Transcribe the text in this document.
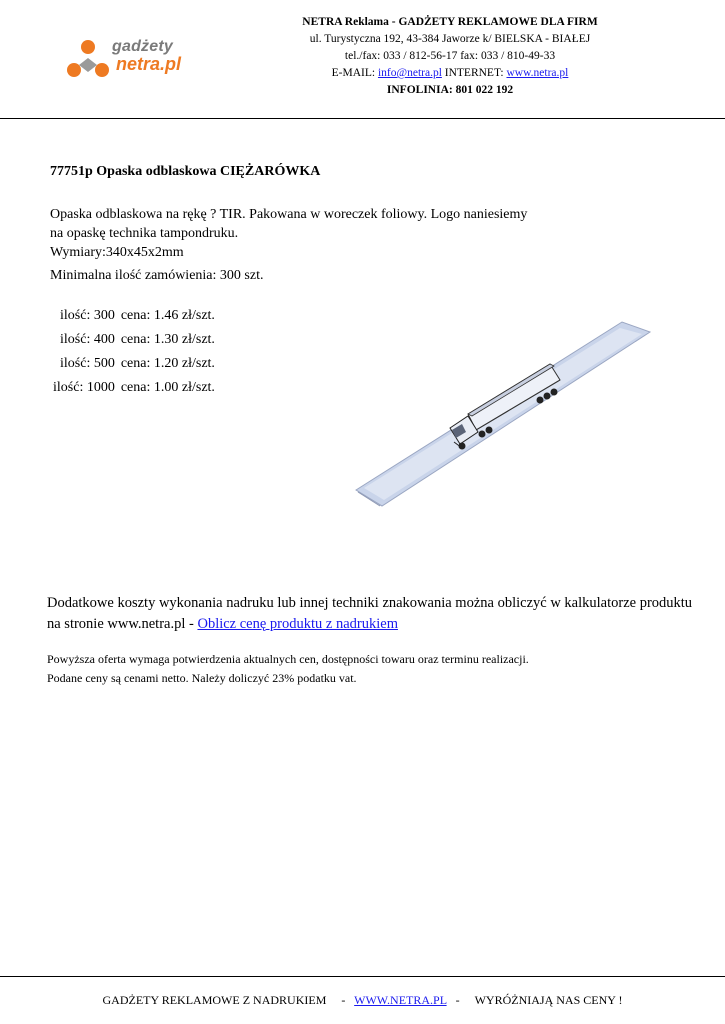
gadżety
netra.pl
NETRA Reklama - GADŻETY REKLAMOWE DLA FIRM
ul. Turystyczna 192, 43-384 Jaworze k/ BIELSKA - BIAŁEJ
tel./fax: 033 / 812-56-17 fax: 033 / 810-49-33
E-MAIL: info@netra.pl INTERNET: www.netra.pl
INFOLINIA: 801 022 192
77751p Opaska odblaskowa CIĘŻARÓWKA
Opaska odblaskowa na rękę ? TIR. Pakowana w woreczek foliowy. Logo naniesiemy
na opaskę technika tampondruku.
Wymiary:340x45x2mm
Minimalna ilość zamówienia: 300 szt.
ilość: 300	cena: 1.46 zł/szt.
ilość: 400	cena: 1.30 zł/szt.
ilość: 500	cena: 1.20 zł/szt.
ilość: 1000	cena: 1.00 zł/szt.
Dodatkowe koszty wykonania nadruku lub innej techniki znakowania można obliczyć w kalkulatorze produktu
na stronie www.netra.pl - Oblicz cenę produktu z nadrukiem
Powyższa oferta wymaga potwierdzenia aktualnych cen, dostępności towaru oraz terminu realizacji.
Podane ceny są cenami netto. Należy doliczyć 23% podatku vat.
GADŻETY REKLAMOWE Z NADRUKIEM - WWW.NETRA.PL - WYRÓŻNIAJĄ NAS CENY !
